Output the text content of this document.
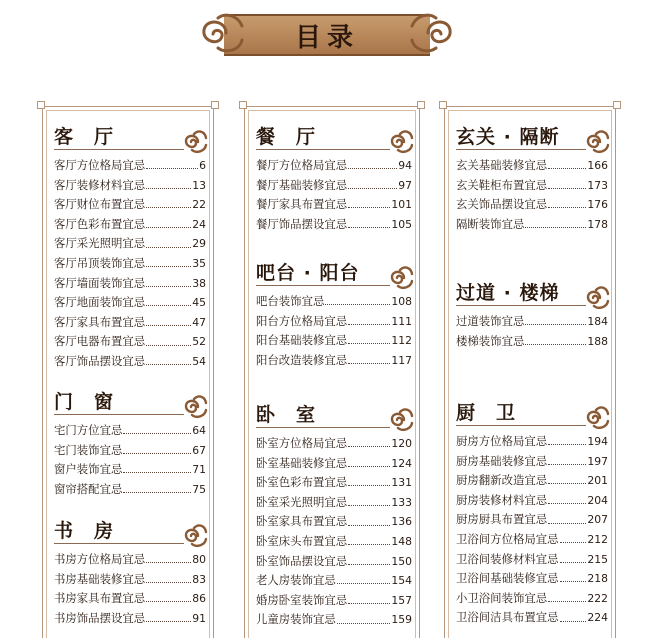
目录
客　厅
客厅方位格局宜忌	6
客厅装修材料宜忌	13
客厅财位布置宜忌	22
客厅色彩布置宜忌	24
客厅采光照明宜忌	29
客厅吊顶装饰宜忌	35
客厅墙面装饰宜忌	38
客厅地面装饰宜忌	45
客厅家具布置宜忌	47
客厅电器布置宜忌	52
客厅饰品摆设宜忌	54
门　窗
宅门方位宜忌	64
宅门装饰宜忌	67
窗户装饰宜忌	71
窗帘搭配宜忌	75
书　房
书房方位格局宜忌	80
书房基础装修宜忌	83
书房家具布置宜忌	86
书房饰品摆设宜忌	91
餐　厅
餐厅方位格局宜忌	94
餐厅基础装修宜忌	97
餐厅家具布置宜忌	101
餐厅饰品摆设宜忌	105
吧台 · 阳台
吧台装饰宜忌	108
阳台方位格局宜忌	111
阳台基础装修宜忌	112
阳台改造装修宜忌	117
卧　室
卧室方位格局宜忌	120
卧室基础装修宜忌	124
卧室色彩布置宜忌	131
卧室采光照明宜忌	133
卧室家具布置宜忌	136
卧室床头布置宜忌	148
卧室饰品摆设宜忌	150
老人房装饰宜忌	154
婚房卧室装饰宜忌	157
儿童房装饰宜忌	159
玄关 · 隔断
玄关基础装修宜忌	166
玄关鞋柜布置宜忌	173
玄关饰品摆设宜忌	176
隔断装饰宜忌	178
过道 · 楼梯
过道装饰宜忌	184
楼梯装饰宜忌	188
厨　卫
厨房方位格局宜忌	194
厨房基础装修宜忌	197
厨房翻新改造宜忌	201
厨房装修材料宜忌	204
厨房厨具布置宜忌	207
卫浴间方位格局宜忌	212
卫浴间装修材料宜忌	215
卫浴间基础装修宜忌	218
小卫浴间装饰宜忌	222
卫浴间洁具布置宜忌	224
